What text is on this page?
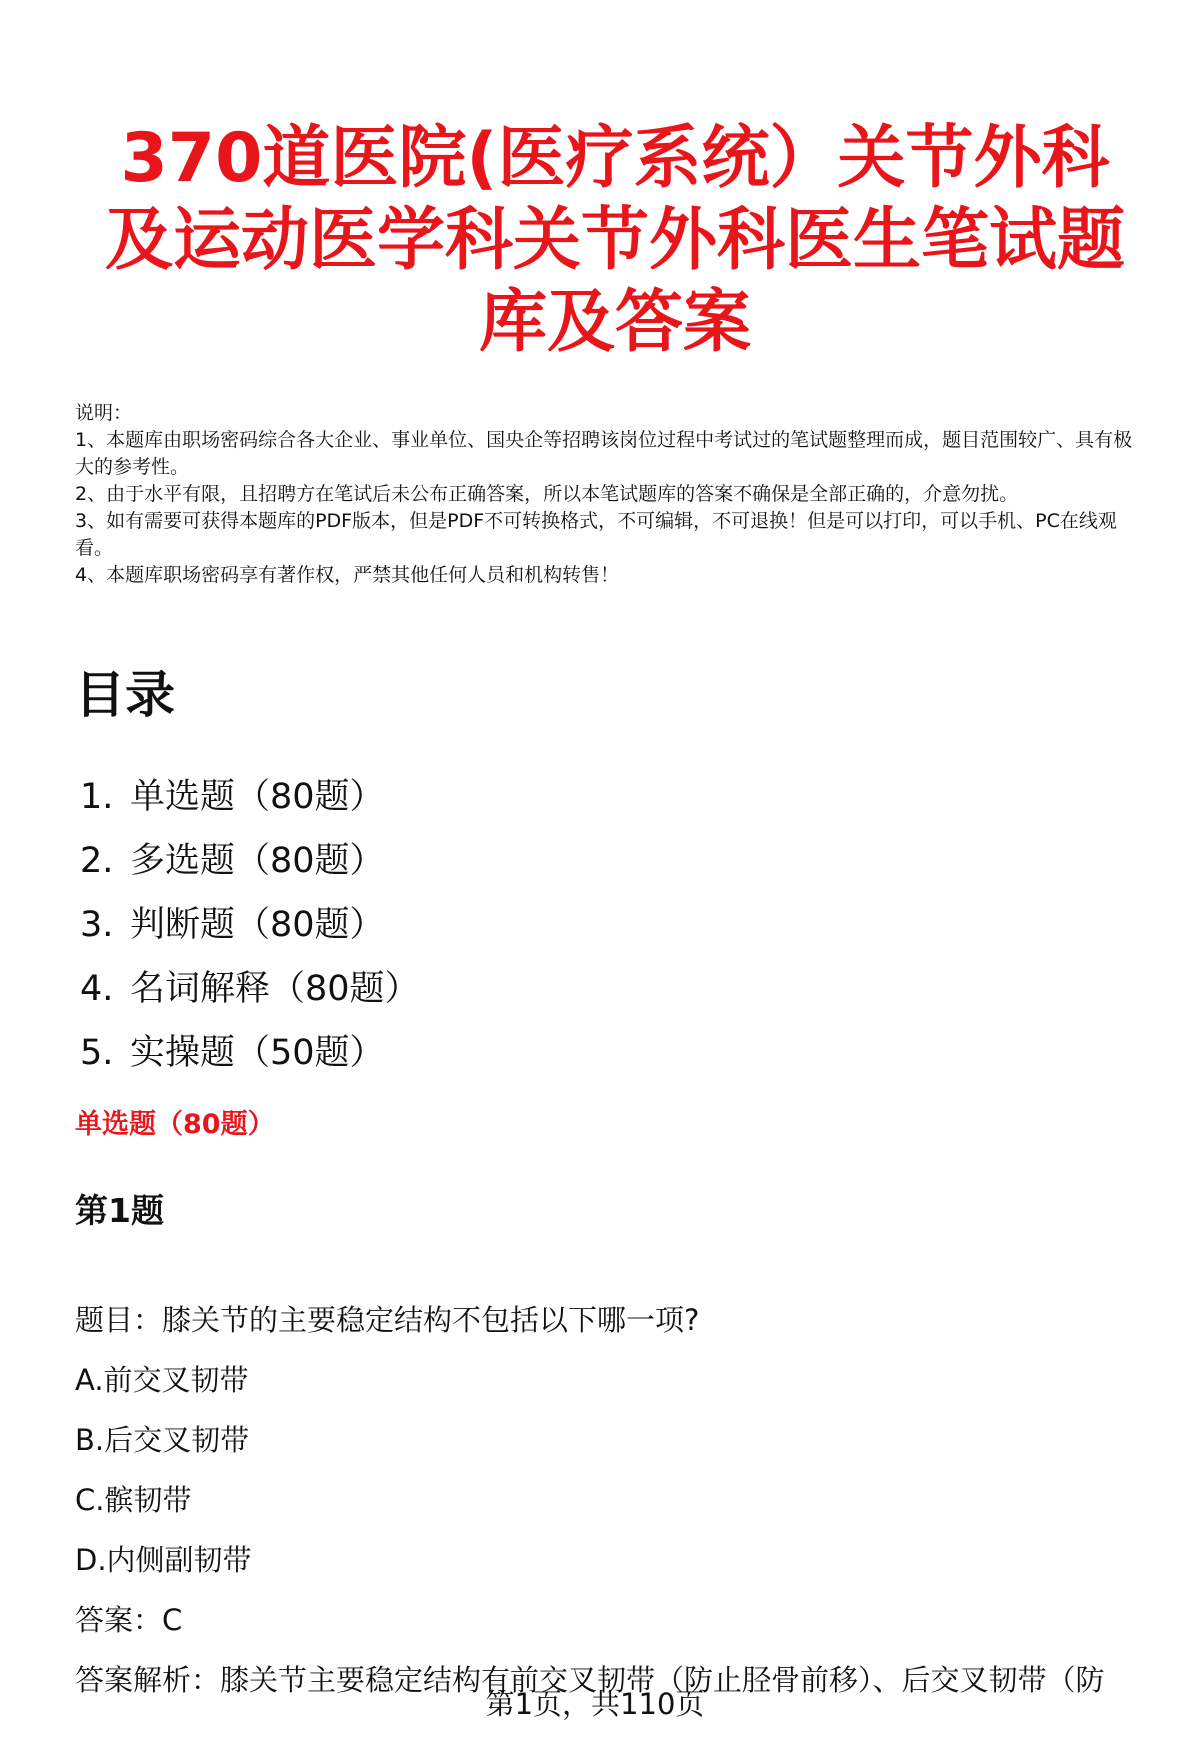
370道医院(医疗系统）关节外科及运动医学科关节外科医生笔试题库及答案

说明：

1、本题库由职场密码综合各大企业、事业单位、国央企等招聘该岗位过程中考试过的笔试题整理而成，题目范围较广、具有极大的参考性。

2、由于水平有限，且招聘方在笔试后未公布正确答案，所以本笔试题库的答案不确保是全部正确的，介意勿扰。

3、如有需要可获得本题库的PDF版本，但是PDF不可转换格式，不可编辑，不可退换！但是可以打印，可以手机、PC在线观看。

4、本题库职场密码享有著作权，严禁其他任何人员和机构转售！

目录
1. 单选题（80题）
2. 多选题（80题）
3. 判断题（80题）
4. 名词解释（80题）
5. 实操题（50题）
单选题（80题）
第1题

题目：膝关节的主要稳定结构不包括以下哪一项?

A.前交叉韧带

B.后交叉韧带

C.髌韧带

D.内侧副韧带

答案：C

答案解析：膝关节主要稳定结构有前交叉韧带（防止胫骨前移）、后交叉韧带（防

第1页，共110页
